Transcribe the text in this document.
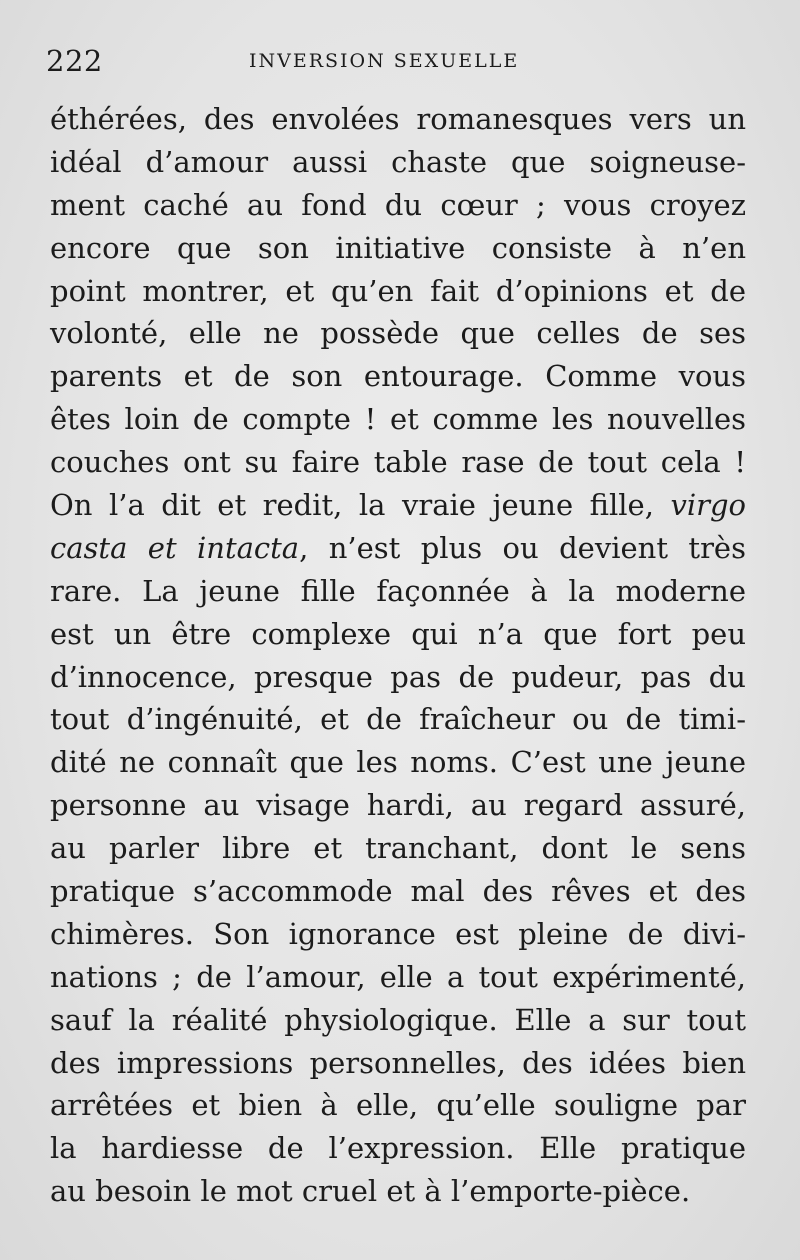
222	INVERSION SEXUELLE
éthérées, des envolées romanesques vers un
idéal d’amour aussi chaste que soigneuse-
ment caché au fond du cœur ; vous croyez
encore que son initiative consiste à n’en
point montrer, et qu’en fait d’opinions et de
volonté, elle ne possède que celles de ses
parents et de son entourage. Comme vous
êtes loin de compte ! et comme les nouvelles
couches ont su faire table rase de tout cela !
On l’a dit et redit, la vraie jeune fille, virgo
casta et intacta, n’est plus ou devient très
rare. La jeune fille façonnée à la moderne
est un être complexe qui n’a que fort peu
d’innocence, presque pas de pudeur, pas du
tout d’ingénuité, et de fraîcheur ou de timi-
dité ne connaît que les noms. C’est une jeune
personne au visage hardi, au regard assuré,
au parler libre et tranchant, dont le sens
pratique s’accommode mal des rêves et des
chimères. Son ignorance est pleine de divi-
nations ; de l’amour, elle a tout expérimenté,
sauf la réalité physiologique. Elle a sur tout
des impressions personnelles, des idées bien
arrêtées et bien à elle, qu’elle souligne par
la hardiesse de l’expression. Elle pratique
au besoin le mot cruel et à l’emporte-pièce.
